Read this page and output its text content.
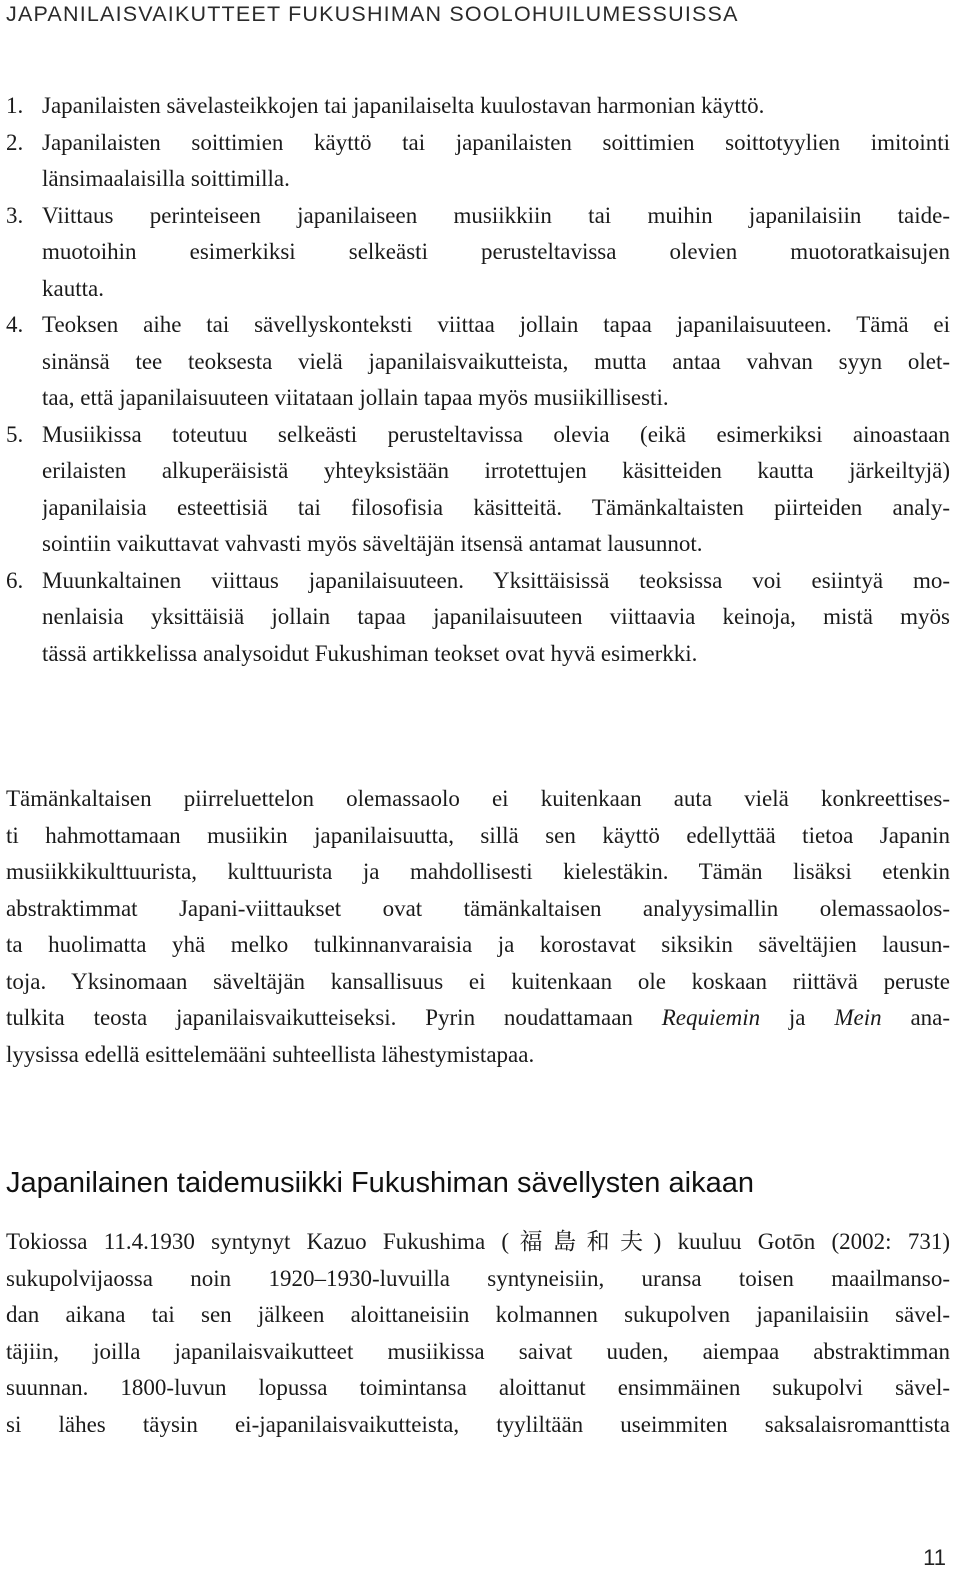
JAPANILAISVAIKUTTEET FUKUSHIMAN SOOLOHUILUMESSUISSA
1. Japanilaisten sävelasteikkojen tai japanilaiselta kuulostavan harmonian käyttö.
2. Japanilaisten soittimien käyttö tai japanilaisten soittimien soittotyylien imitointi
länsimaalaisilla soittimilla.
3. Viittaus perinteiseen japanilaiseen musiikkiin tai muihin japanilaisiin taide-
muotoihin esimerkiksi selkeästi perusteltavissa olevien muotoratkaisujen
kautta.
4. Teoksen aihe tai sävellyskonteksti viittaa jollain tapaa japanilaisuuteen. Tämä ei
sinänsä tee teoksesta vielä japanilaisvaikutteista, mutta antaa vahvan syyn olet-
taa, että japanilaisuuteen viitataan jollain tapaa myös musiikillisesti.
5. Musiikissa toteutuu selkeästi perusteltavissa olevia (eikä esimerkiksi ainoastaan
erilaisten alkuperäisistä yhteyksistään irrotettujen käsitteiden kautta järkeiltyjä)
japanilaisia esteettisiä tai filosofisia käsitteitä. Tämänkaltaisten piirteiden analy-
sointiin vaikuttavat vahvasti myös säveltäjän itsensä antamat lausunnot.
6. Muunkaltainen viittaus japanilaisuuteen. Yksittäisissä teoksissa voi esiintyä mo-
nenlaisia yksittäisiä jollain tapaa japanilaisuuteen viittaavia keinoja, mistä myös
tässä artikkelissa analysoidut Fukushiman teokset ovat hyvä esimerkki.
Tämänkaltaisen piirreluettelon olemassaolo ei kuitenkaan auta vielä konkreettises-
ti hahmottamaan musiikin japanilaisuutta, sillä sen käyttö edellyttää tietoa Japanin
musiikkikulttuurista, kulttuurista ja mahdollisesti kielestäkin. Tämän lisäksi etenkin
abstraktimmat Japani-viittaukset ovat tämänkaltaisen analyysimallin olemassaolos-
ta huolimatta yhä melko tulkinnanvaraisia ja korostavat siksikin säveltäjien lausun-
toja. Yksinomaan säveltäjän kansallisuus ei kuitenkaan ole koskaan riittävä peruste
tulkita teosta japanilaisvaikutteiseksi. Pyrin noudattamaan Requiemin ja Mein ana-
lyysissa edellä esittelemääni suhteellista lähestymistapaa.
Japanilainen taidemusiikki Fukushiman sävellysten aikaan
Tokiossa 11.4.1930 syntynyt Kazuo Fukushima (福島和夫) kuuluu Gotōn (2002: 731)
sukupolvijaossa noin 1920–1930-luvuilla syntyneisiin, uransa toisen maailmanso-
dan aikana tai sen jälkeen aloittaneisiin kolmannen sukupolven japanilaisiin sävel-
täjiin, joilla japanilaisvaikutteet musiikissa saivat uuden, aiempaa abstraktimman
suunnan. 1800-luvun lopussa toimintansa aloittanut ensimmäinen sukupolvi sävel-
si lähes täysin ei-japanilaisvaikutteista, tyyliltään useimmiten saksalaisromanttista
11
